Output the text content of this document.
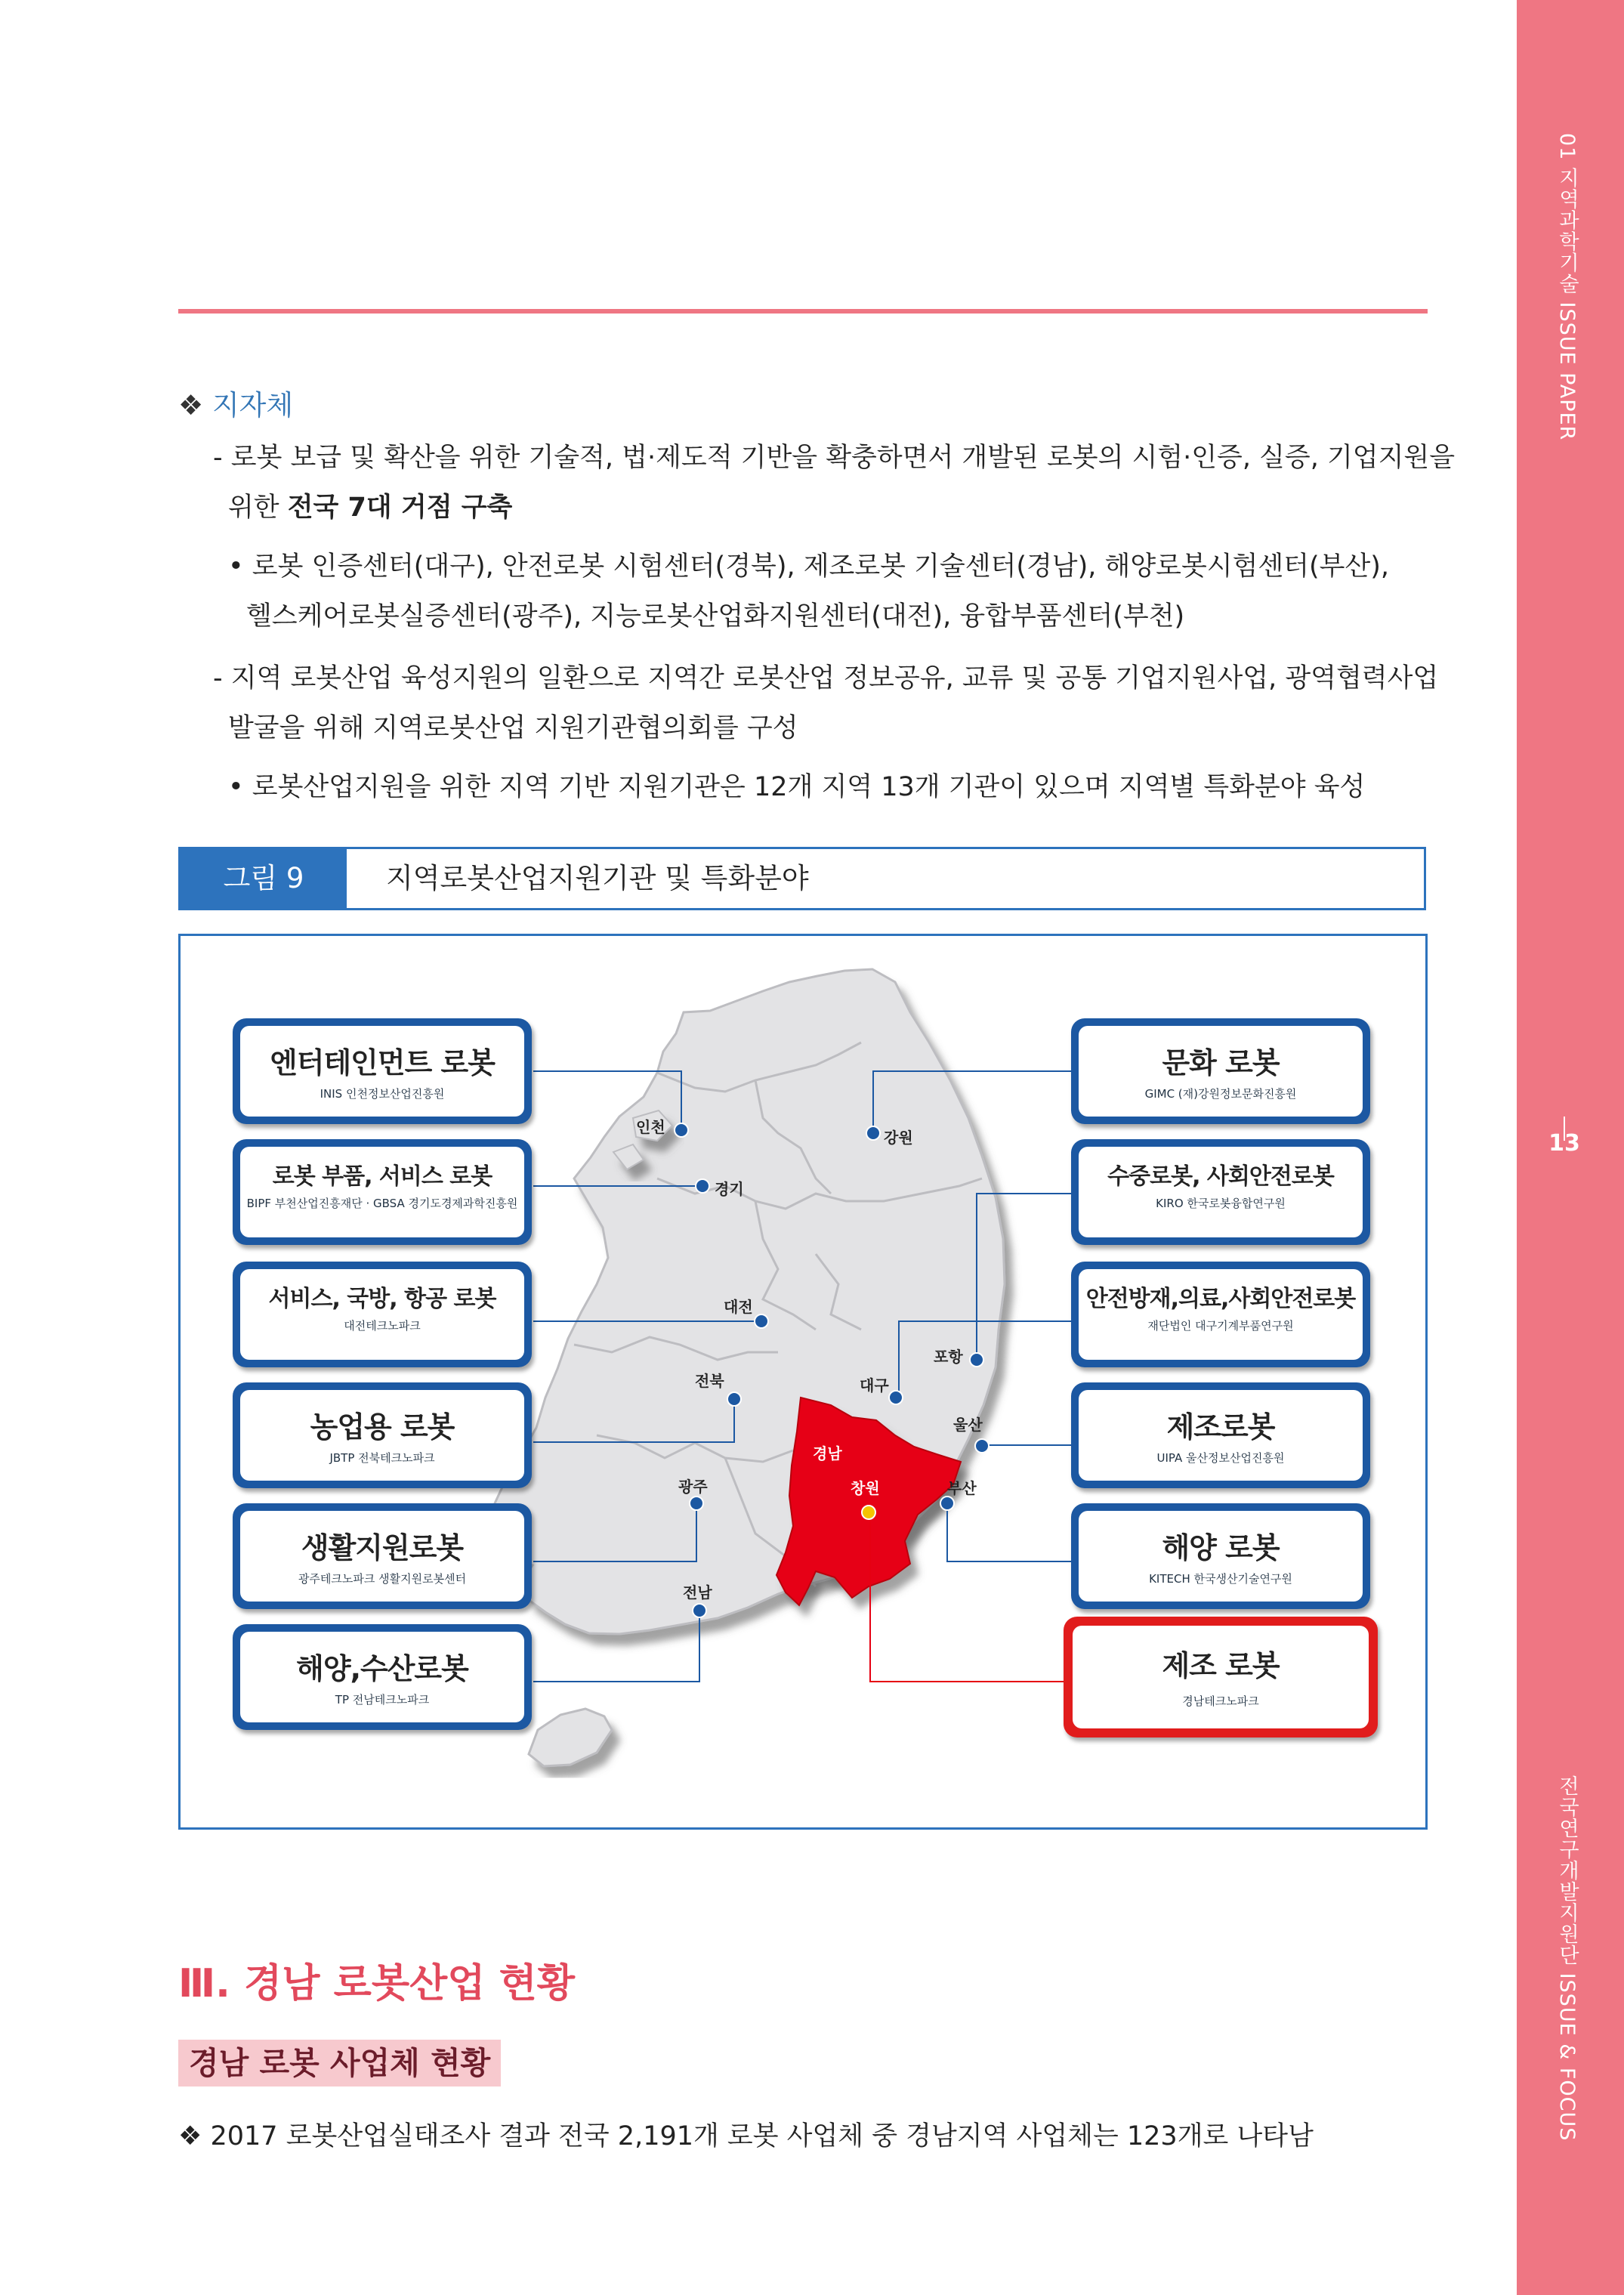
01 지역과학기술 ISSUE PAPER
13
전국연구개발지원단 ISSUE & FOCUS
❖ 지자체
- 로봇 보급 및 확산을 위한 기술적, 법·제도적 기반을 확충하면서 개발된 로봇의 시험·인증, 실증, 기업지원을
위한 전국 7대 거점 구축
• 로봇 인증센터(대구), 안전로봇 시험센터(경북), 제조로봇 기술센터(경남), 해양로봇시험센터(부산),
헬스케어로봇실증센터(광주), 지능로봇산업화지원센터(대전), 융합부품센터(부천)
- 지역 로봇산업 육성지원의 일환으로 지역간 로봇산업 정보공유, 교류 및 공통 기업지원사업, 광역협력사업
발굴을 위해 지역로봇산업 지원기관협의회를 구성
• 로봇산업지원을 위한 지역 기반 지원기관은 12개 지역 13개 기관이 있으며 지역별 특화분야 육성
그림 9	지역로봇산업지원기관 및 특화분야
인천
경기
강원
대전
전북	대구
포항
울산
경남
창원	부산
광주
전남
엔터테인먼트 로봇
INIS 인천정보산업진흥원
로봇 부품, 서비스 로봇
BIPF 부천산업진흥재단 · GBSA 경기도경제과학진흥원
서비스, 국방, 항공 로봇
대전테크노파크
농업용 로봇
JBTP 전북테크노파크
생활지원로봇
광주테크노파크 생활지원로봇센터
해양,수산로봇
TP 전남테크노파크
문화 로봇
GIMC (재)강원정보문화진흥원
수중로봇, 사회안전로봇
KIRO 한국로봇융합연구원
안전방재,의료,사회안전로봇
재단법인 대구기계부품연구원
제조로봇
UIPA 울산정보산업진흥원
해양 로봇
KITECH 한국생산기술연구원
제조 로봇
경남테크노파크
Ⅲ. 경남 로봇산업 현황
경남 로봇 사업체 현황
❖ 2017 로봇산업실태조사 결과 전국 2,191개 로봇 사업체 중 경남지역 사업체는 123개로 나타남
